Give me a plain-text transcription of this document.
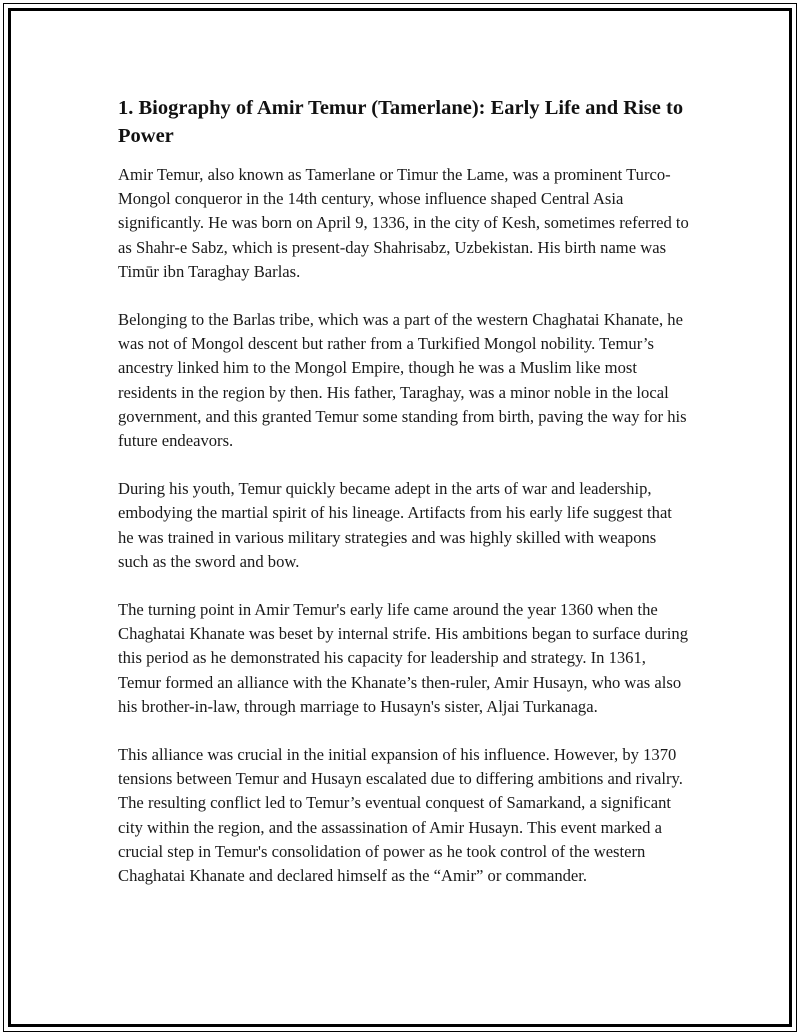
1. Biography of Amir Temur (Tamerlane): Early Life and Rise to Power

Amir Temur, also known as Tamerlane or Timur the Lame, was a prominent Turco-Mongol conqueror in the 14th century, whose influence shaped Central Asia significantly. He was born on April 9, 1336, in the city of Kesh, sometimes referred to as Shahr-e Sabz, which is present-day Shahrisabz, Uzbekistan. His birth name was Timūr ibn Taraghay Barlas.

Belonging to the Barlas tribe, which was a part of the western Chaghatai Khanate, he was not of Mongol descent but rather from a Turkified Mongol nobility. Temur’s ancestry linked him to the Mongol Empire, though he was a Muslim like most residents in the region by then. His father, Taraghay, was a minor noble in the local government, and this granted Temur some standing from birth, paving the way for his future endeavors.

During his youth, Temur quickly became adept in the arts of war and leadership, embodying the martial spirit of his lineage. Artifacts from his early life suggest that he was trained in various military strategies and was highly skilled with weapons such as the sword and bow.

The turning point in Amir Temur's early life came around the year 1360 when the Chaghatai Khanate was beset by internal strife. His ambitions began to surface during this period as he demonstrated his capacity for leadership and strategy. In 1361, Temur formed an alliance with the Khanate’s then-ruler, Amir Husayn, who was also his brother-in-law, through marriage to Husayn's sister, Aljai Turkanaga.

This alliance was crucial in the initial expansion of his influence. However, by 1370 tensions between Temur and Husayn escalated due to differing ambitions and rivalry. The resulting conflict led to Temur’s eventual conquest of Samarkand, a significant city within the region, and the assassination of Amir Husayn. This event marked a crucial step in Temur's consolidation of power as he took control of the western Chaghatai Khanate and declared himself as the “Amir” or commander.
